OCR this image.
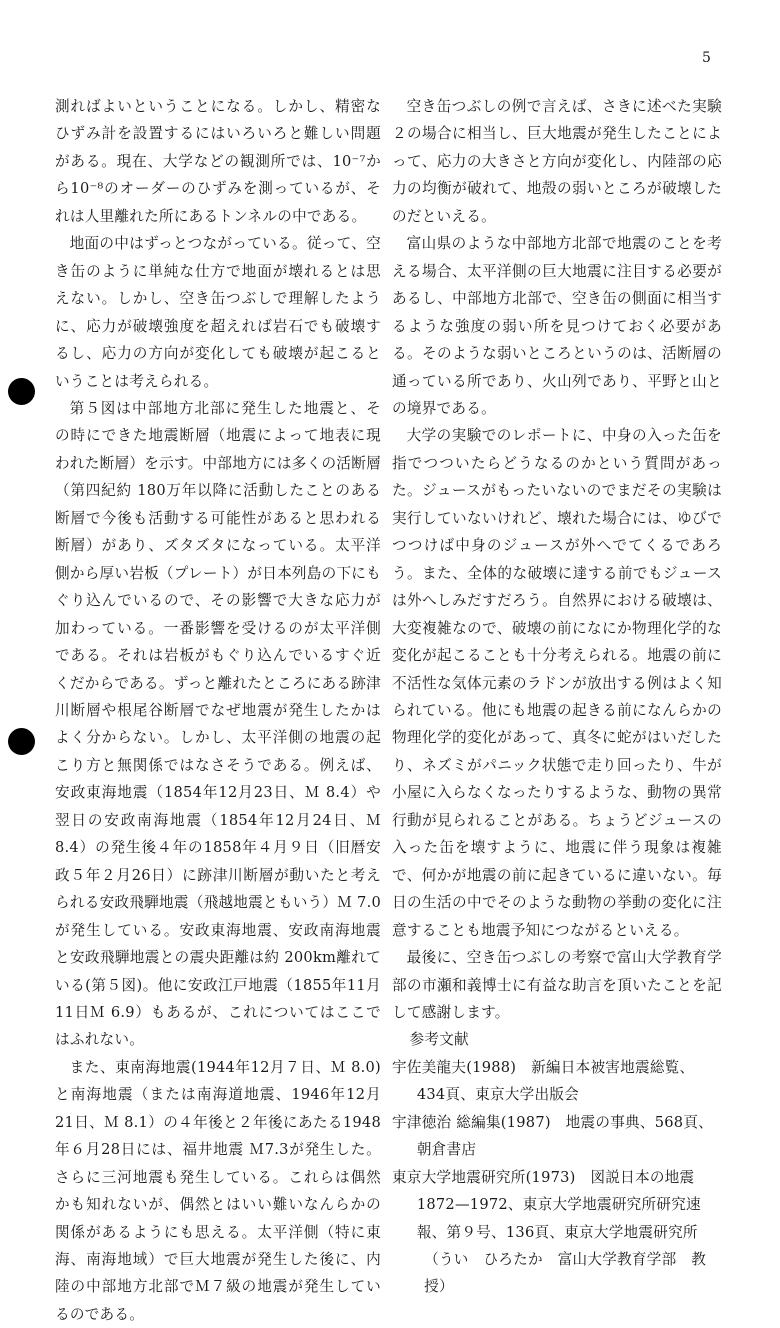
5

測ればよいということになる。しかし、精密なひずみ計を設置するにはいろいろと難しい問題がある。現在、大学などの観測所では、10⁻⁷から10⁻⁸のオーダーのひずみを測っているが、それは人里離れた所にあるトンネルの中である。

地面の中はずっとつながっている。従って、空き缶のように単純な仕方で地面が壊れるとは思えない。しかし、空き缶つぶしで理解したように、応力が破壊強度を超えれば岩石でも破壊するし、応力の方向が変化しても破壊が起こるということは考えられる。

第５図は中部地方北部に発生した地震と、その時にできた地震断層（地震によって地表に現われた断層）を示す。中部地方には多くの活断層（第四紀約 180万年以降に活動したことのある断層で今後も活動する可能性があると思われる断層）があり、ズタズタになっている。太平洋側から厚い岩板（プレート）が日本列島の下にもぐり込んでいるので、その影響で大きな応力が加わっている。一番影響を受けるのが太平洋側である。それは岩板がもぐり込んでいるすぐ近くだからである。ずっと離れたところにある跡津川断層や根尾谷断層でなぜ地震が発生したかはよく分からない。しかし、太平洋側の地震の起こり方と無関係ではなさそうである。例えば、安政東海地震（1854年12月23日、Ｍ 8.4）や翌日の安政南海地震（1854年12月24日、Ｍ 8.4）の発生後４年の1858年４月９日（旧暦安政５年２月26日）に跡津川断層が動いたと考えられる安政飛騨地震（飛越地震ともいう）Ｍ 7.0が発生している。安政東海地震、安政南海地震と安政飛騨地震との震央距離は約 200km離れている(第５図)。他に安政江戸地震（1855年11月11日Ｍ 6.9）もあるが、これについてはここではふれない。

また、東南海地震(1944年12月７日、Ｍ 8.0)と南海地震（または南海道地震、1946年12月21日、Ｍ 8.1）の４年後と２年後にあたる1948年６月28日には、福井地震 Ｍ7.3が発生した。さらに三河地震も発生している。これらは偶然かも知れないが、偶然とはいい難いなんらかの関係があるようにも思える。太平洋側（特に東海、南海地域）で巨大地震が発生した後に、内陸の中部地方北部でＭ７級の地震が発生しているのである。

空き缶つぶしの例で言えば、さきに述べた実験２の場合に相当し、巨大地震が発生したことによって、応力の大きさと方向が変化し、内陸部の応力の均衡が破れて、地殻の弱いところが破壊したのだといえる。

富山県のような中部地方北部で地震のことを考える場合、太平洋側の巨大地震に注目する必要があるし、中部地方北部で、空き缶の側面に相当するような強度の弱い所を見つけておく必要がある。そのような弱いところというのは、活断層の通っている所であり、火山列であり、平野と山との境界である。

大学の実験でのレポートに、中身の入った缶を指でつついたらどうなるのかという質問があった。ジュースがもったいないのでまだその実験は実行していないけれど、壊れた場合には、ゆびでつつけば中身のジュースが外へでてくるであろう。また、全体的な破壊に達する前でもジュースは外へしみだすだろう。自然界における破壊は、大変複雑なので、破壊の前になにか物理化学的な変化が起こることも十分考えられる。地震の前に不活性な気体元素のラドンが放出する例はよく知られている。他にも地震の起きる前になんらかの物理化学的変化があって、真冬に蛇がはいだしたり、ネズミがパニック状態で走り回ったり、牛が小屋に入らなくなったりするような、動物の異常行動が見られることがある。ちょうどジュースの入った缶を壊すように、地震に伴う現象は複雑で、何かが地震の前に起きているに違いない。毎日の生活の中でそのような動物の挙動の変化に注意することも地震予知につながるといえる。

最後に、空き缶つぶしの考察で富山大学教育学部の市瀬和義博士に有益な助言を頂いたことを記して感謝します。

参考文献
宇佐美龍夫(1988)　新編日本被害地震総覧、 434頁、東京大学出版会
宇津徳治 総編集(1987)　地震の事典、568頁、朝倉書店
東京大学地震研究所(1973)　図説日本の地震1872—1972、東京大学地震研究所研究速報、第９号、136頁、東京大学地震研究所
（うい　ひろたか　富山大学教育学部　教授）
